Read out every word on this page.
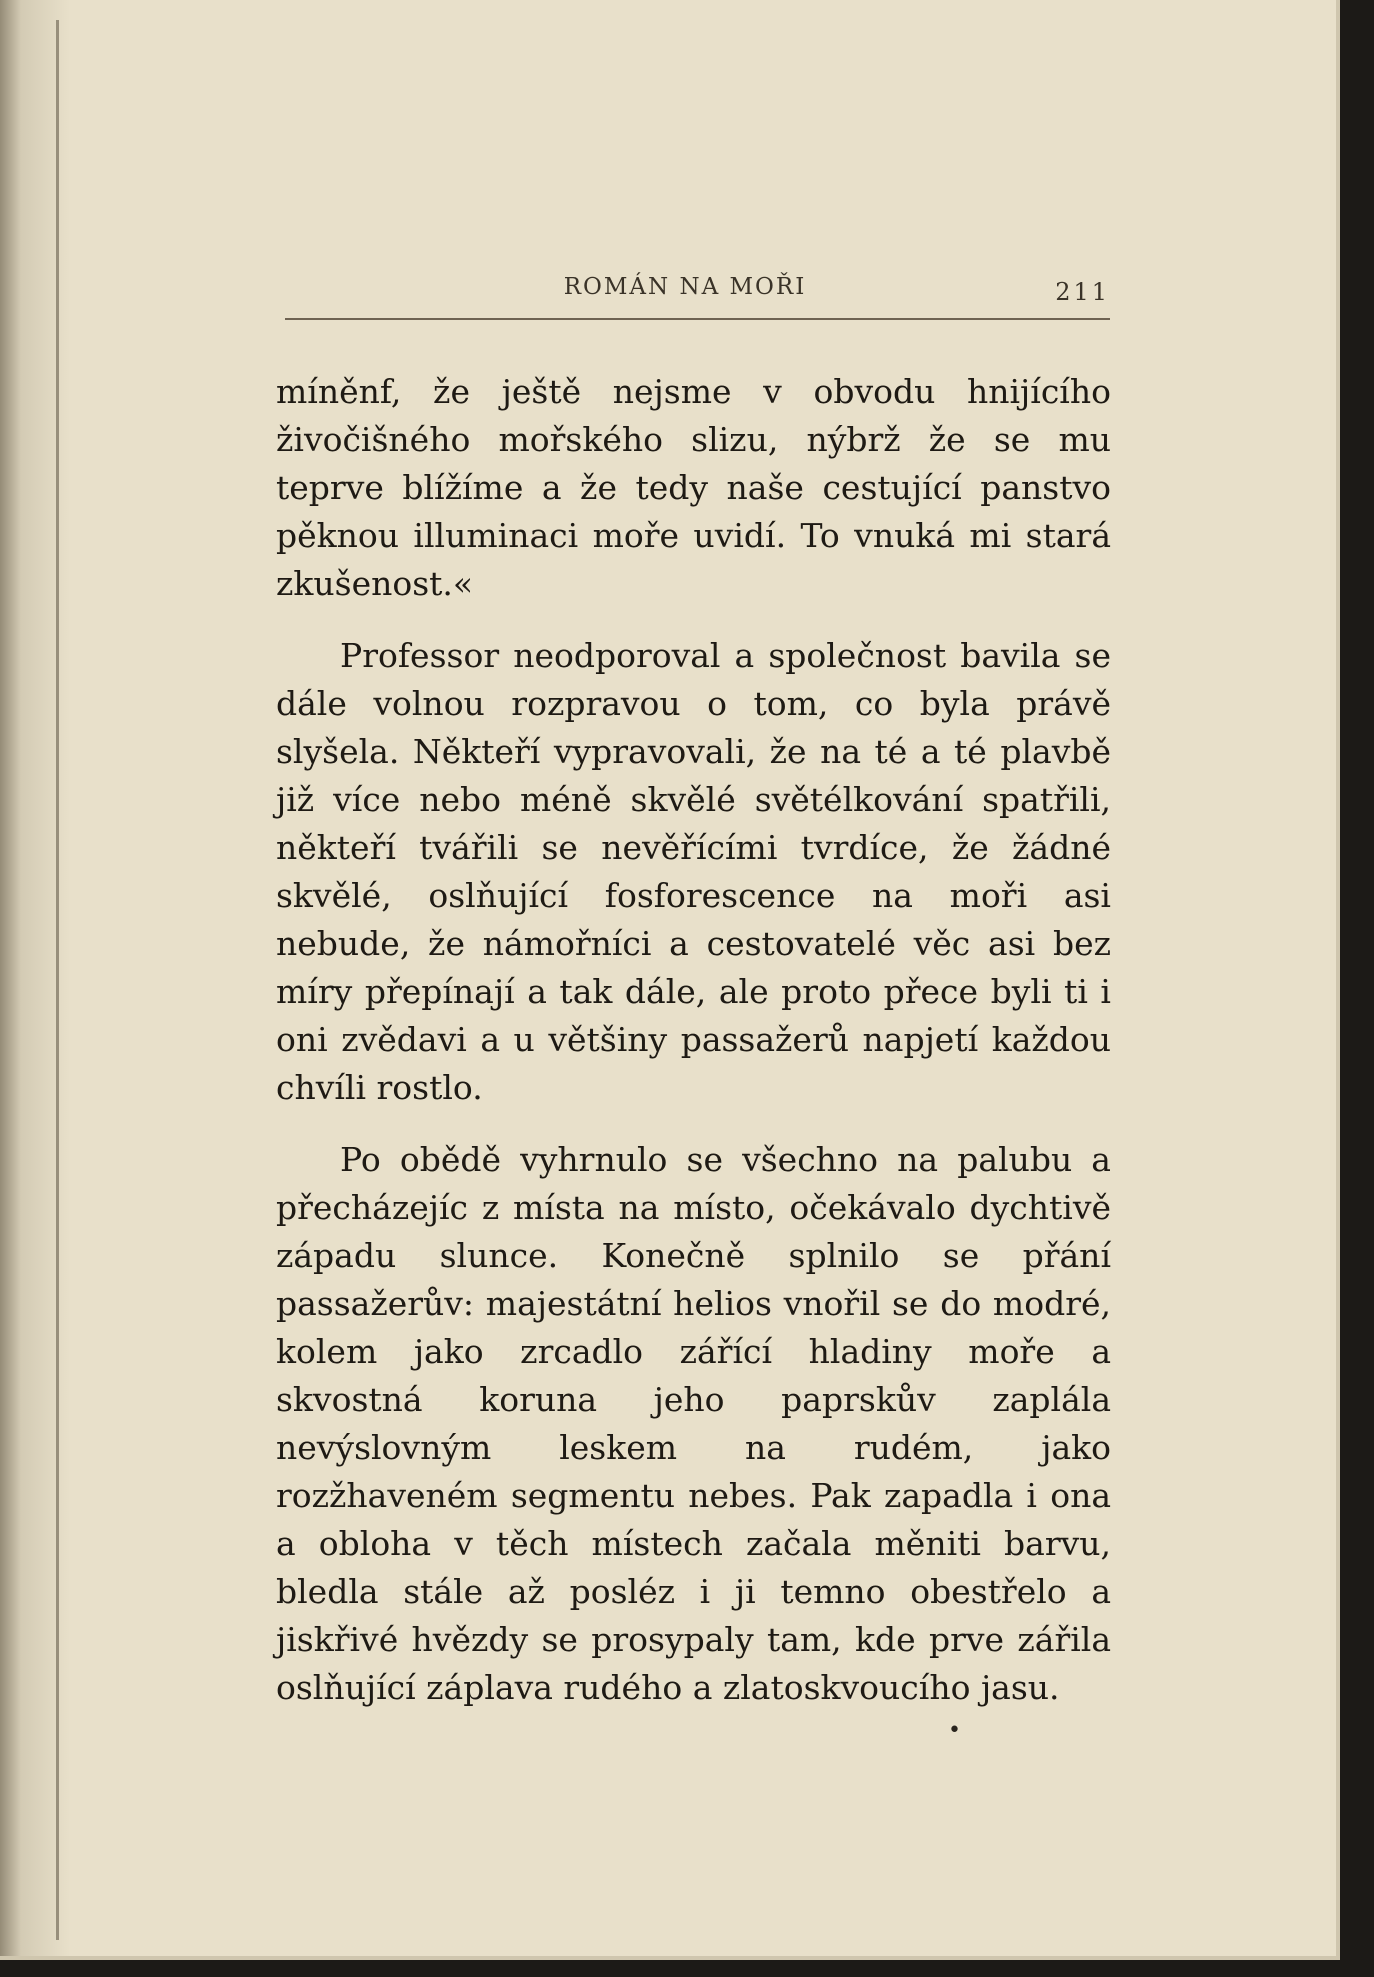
ROMÁN NA MOŘI	211

míněnf, že ještě nejsme v obvodu hnijícího živočišného mořského slizu, nýbrž že se mu teprve blížíme a že tedy naše cestující panstvo pěknou illuminaci moře uvidí. To vnuká mi stará zkušenost.«

Professor neodporoval a společnost bavila se dále volnou rozpravou o tom, co byla právě slyšela. Někteří vypravovali, že na té a té plavbě již více nebo méně skvělé světélkování spatřili, někteří tvářili se nevěřícími tvrdíce, že žádné skvělé, oslňující fosforescence na moři asi nebude, že námořníci a cestovatelé věc asi bez míry přepínají a tak dále, ale proto přece byli ti i oni zvědavi a u většiny passažerů napjetí každou chvíli rostlo.

Po obědě vyhrnulo se všechno na palubu a přecházejíc z místa na místo, očekávalo dychtivě západu slunce. Konečně splnilo se přání passažerův: majestátní helios vnořil se do modré, kolem jako zrcadlo zářící hladiny moře a skvostná koruna jeho paprskův zaplála nevýslovným leskem na rudém, jako rozžhaveném segmentu nebes. Pak zapadla i ona a obloha v těch místech začala měniti barvu, bledla stále až posléz i ji temno obestřelo a jiskřivé hvězdy se prosypaly tam, kde prve zářila oslňující záplava rudého a zlatoskvoucího jasu.

•
